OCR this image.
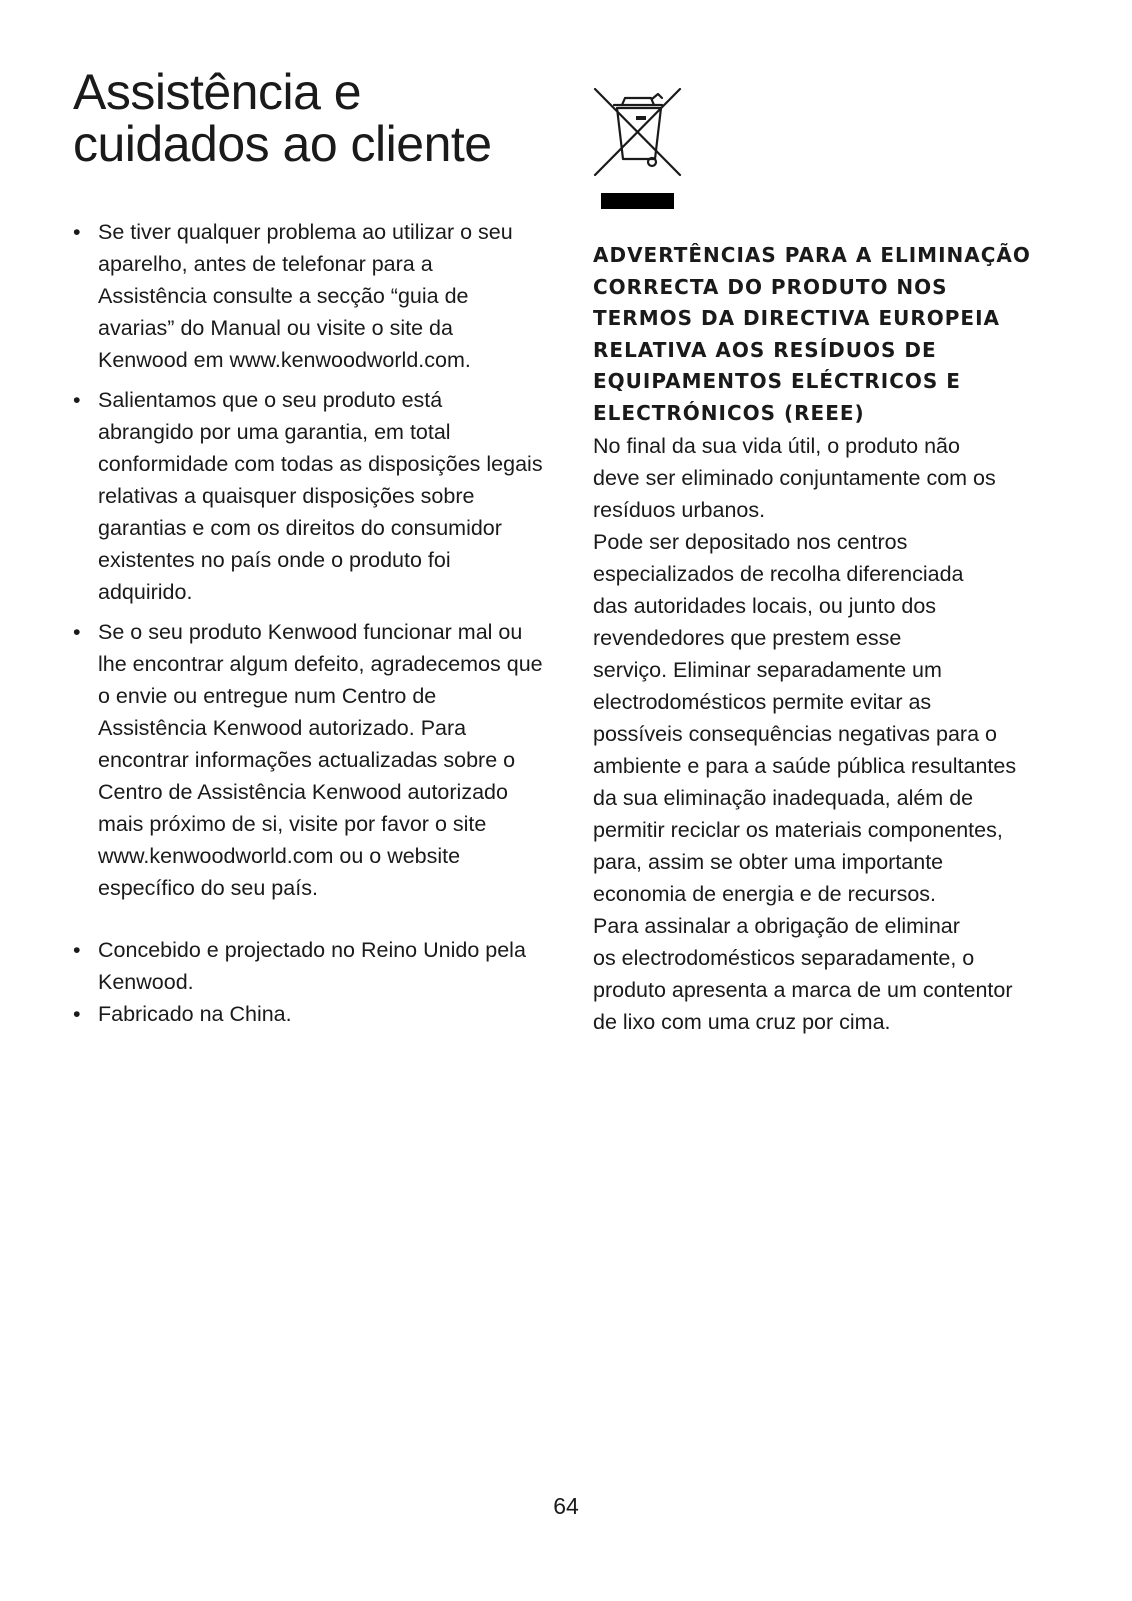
Assistência e
cuidados ao cliente
• Se tiver qualquer problema ao utilizar o seu aparelho, antes de telefonar para a Assistência consulte a secção “guia de avarias” do Manual ou visite o site da Kenwood em www.kenwoodworld.com.
• Salientamos que o seu produto está abrangido por uma garantia, em total conformidade com todas as disposições legais relativas a quaisquer disposições sobre garantias e com os direitos do consumidor existentes no país onde o produto foi adquirido.
• Se o seu produto Kenwood funcionar mal ou lhe encontrar algum defeito, agradecemos que o envie ou entregue num Centro de Assistência Kenwood autorizado. Para encontrar informações actualizadas sobre o Centro de Assistência Kenwood autorizado mais próximo de si, visite por favor o site www.kenwoodworld.com ou o website específico do seu país.
• Concebido e projectado no Reino Unido pela Kenwood.
• Fabricado na China.

ADVERTÊNCIAS PARA A ELIMINAÇÃO
CORRECTA DO PRODUTO NOS
TERMOS DA DIRECTIVA EUROPEIA
RELATIVA AOS RESÍDUOS DE
EQUIPAMENTOS ELÉCTRICOS E
ELECTRÓNICOS (REEE)

No final da sua vida útil, o produto não
deve ser eliminado conjuntamente com os
resíduos urbanos.

Pode ser depositado nos centros
especializados de recolha diferenciada
das autoridades locais, ou junto dos
revendedores que prestem esse
serviço. Eliminar separadamente um
electrodomésticos permite evitar as
possíveis consequências negativas para o
ambiente e para a saúde pública resultantes
da sua eliminação inadequada, além de
permitir reciclar os materiais componentes,
para, assim se obter uma importante
economia de energia e de recursos.

Para assinalar a obrigação de eliminar
os electrodomésticos separadamente, o
produto apresenta a marca de um contentor
de lixo com uma cruz por cima.

64
